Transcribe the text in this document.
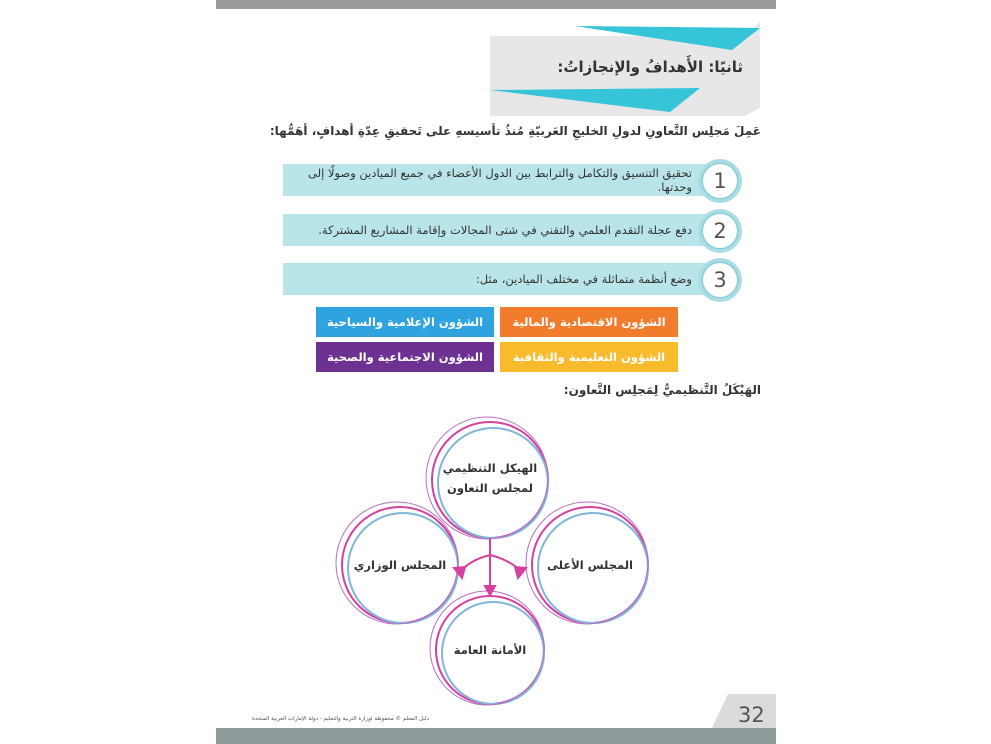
ثانيًا: الأَهدافُ والإنجازاتُ:
عَمِلَ مَجلِس التَّعاونِ لدولِ الخليجِ العَربيّةِ مُنذُ تأسيسهِ على تَحقيقِ عِدّةِ أهدافٍ، أهَمُّها:
تحقيق التنسيق والتكامل والترابط بين الدول الأعضاء في جميع الميادين وصولًا إلى وحدتها.	1
دفع عجلة التقدم العلمي والتقني في شتى المجالات وإقامة المشاريع المشتركة.	2
وضع أنظمة متماثلة في مختلف الميادين، مثل:	3
الشؤون الاقتصادية والمالية
الشؤون الإعلامية والسياحية
الشؤون التعليمية والثقافية
الشؤون الاجتماعية والصحية
الهَيْكَلُ التَّنظيميُّ لِمَجلِس التَّعاون:
الهيكل التنظيمي
لمجلس التعاون
المجلس الوزاري	المجلس الأعلى
الأمانة العامة
دليل المعلم © محفوظة لوزارة التربية والتعليم - دولة الإمارات العربية المتحدة	32
